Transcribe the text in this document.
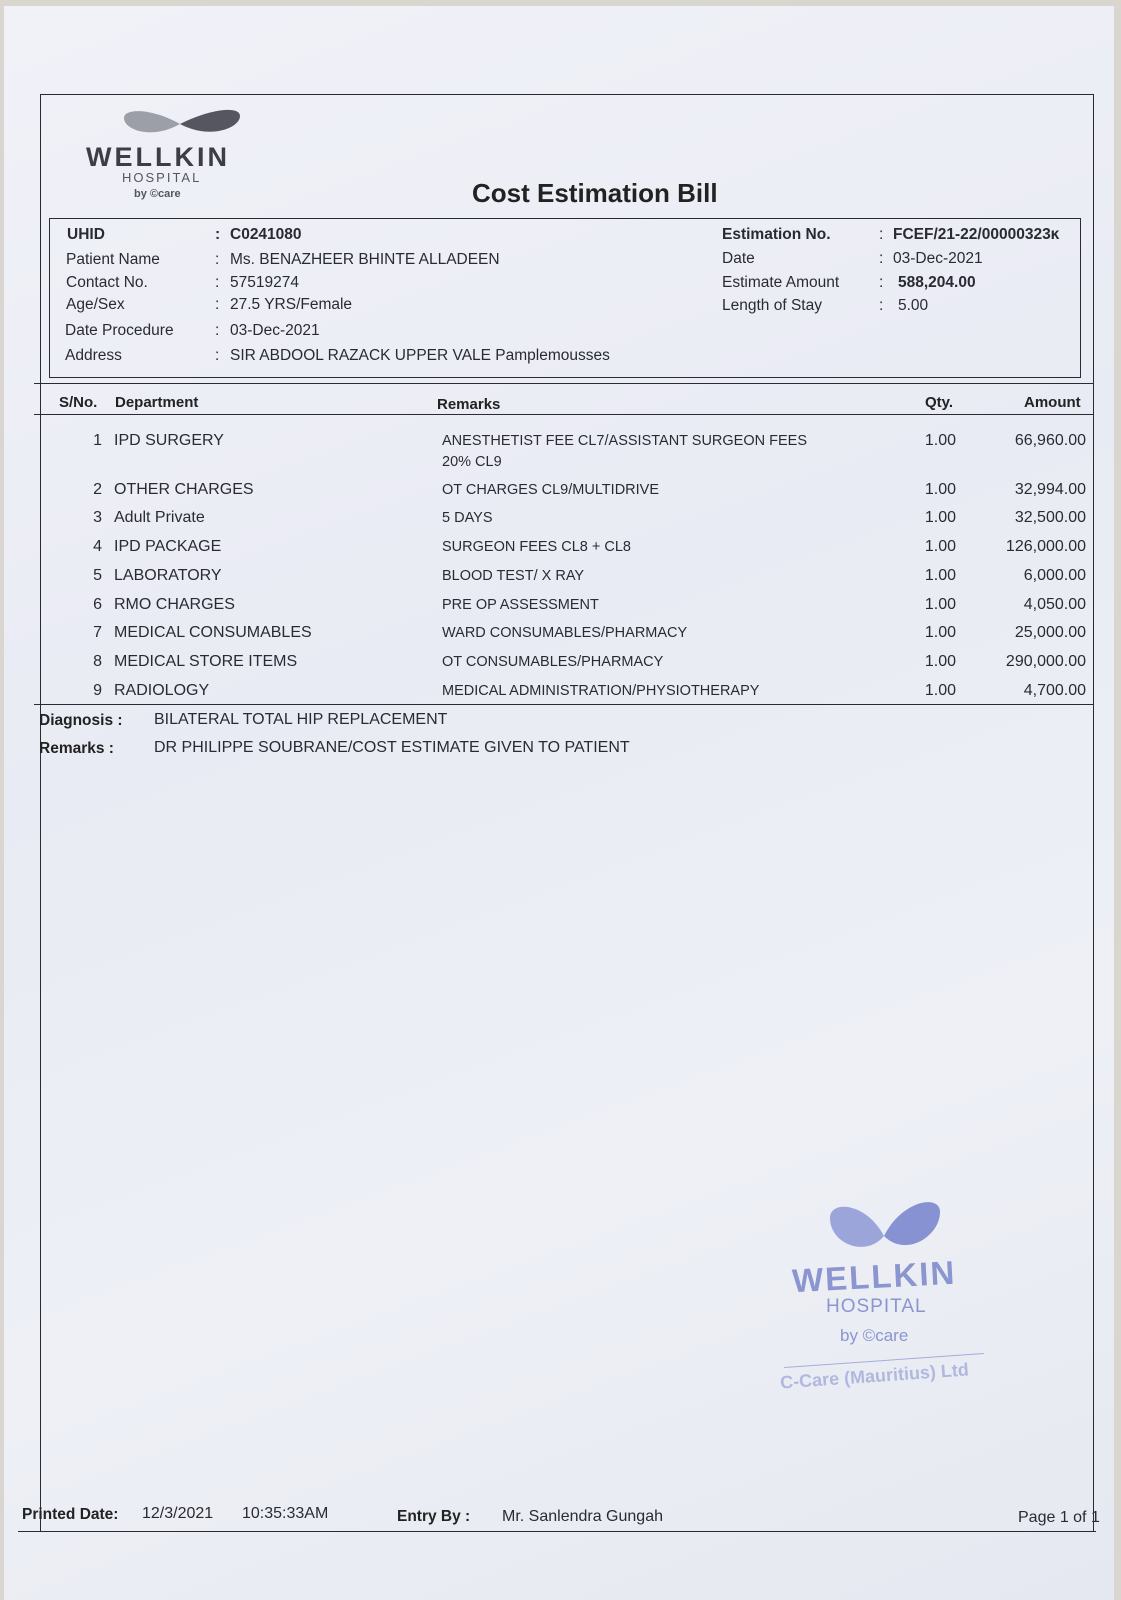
WELLKIN
HOSPITAL
by ©care	Cost Estimation Bill
UHID	: C0241080
Patient Name	: Ms. BENAZHEER BHINTE ALLADEEN
Contact No.	: 57519274
Age/Sex	: 27.5 YRS/Female
Date Procedure	: 03-Dec-2021
Address	: SIR ABDOOL RAZACK UPPER VALE Pamplemousses
Estimation No.	: FCEF/21-22/00000323ĸ
Date	: 03-Dec-2021
Estimate Amount	: 588,204.00
Length of Stay	: 5.00
S/No. Department	Remarks	Qty.	Amount
1 IPD SURGERY	ANESTHETIST FEE CL7/ASSISTANT SURGEON FEES
20% CL9
1.00	66,960.00
2 OTHER CHARGES	OT CHARGES CL9/MULTIDRIVE	1.00	32,994.00
3 Adult Private	5 DAYS	1.00	32,500.00
4 IPD PACKAGE	SURGEON FEES CL8 + CL8	1.00	126,000.00
5 LABORATORY	BLOOD TEST/ X RAY	1.00	6,000.00
6 RMO CHARGES	PRE OP ASSESSMENT	1.00	4,050.00
7 MEDICAL CONSUMABLES	WARD CONSUMABLES/PHARMACY	1.00	25,000.00
8 MEDICAL STORE ITEMS	OT CONSUMABLES/PHARMACY	1.00	290,000.00
9 RADIOLOGY	MEDICAL ADMINISTRATION/PHYSIOTHERAPY	1.00	4,700.00
Diagnosis : BILATERAL TOTAL HIP REPLACEMENT
Remarks :	DR PHILIPPE SOUBRANE/COST ESTIMATE GIVEN TO PATIENT
WELLKIN
HOSPITAL
by ©care
C-Care (Mauritius) Ltd
Printed Date: 12/3/2021 10:35:33AM	Entry By : Mr. Sanlendra Gungah	Page 1 of 1
